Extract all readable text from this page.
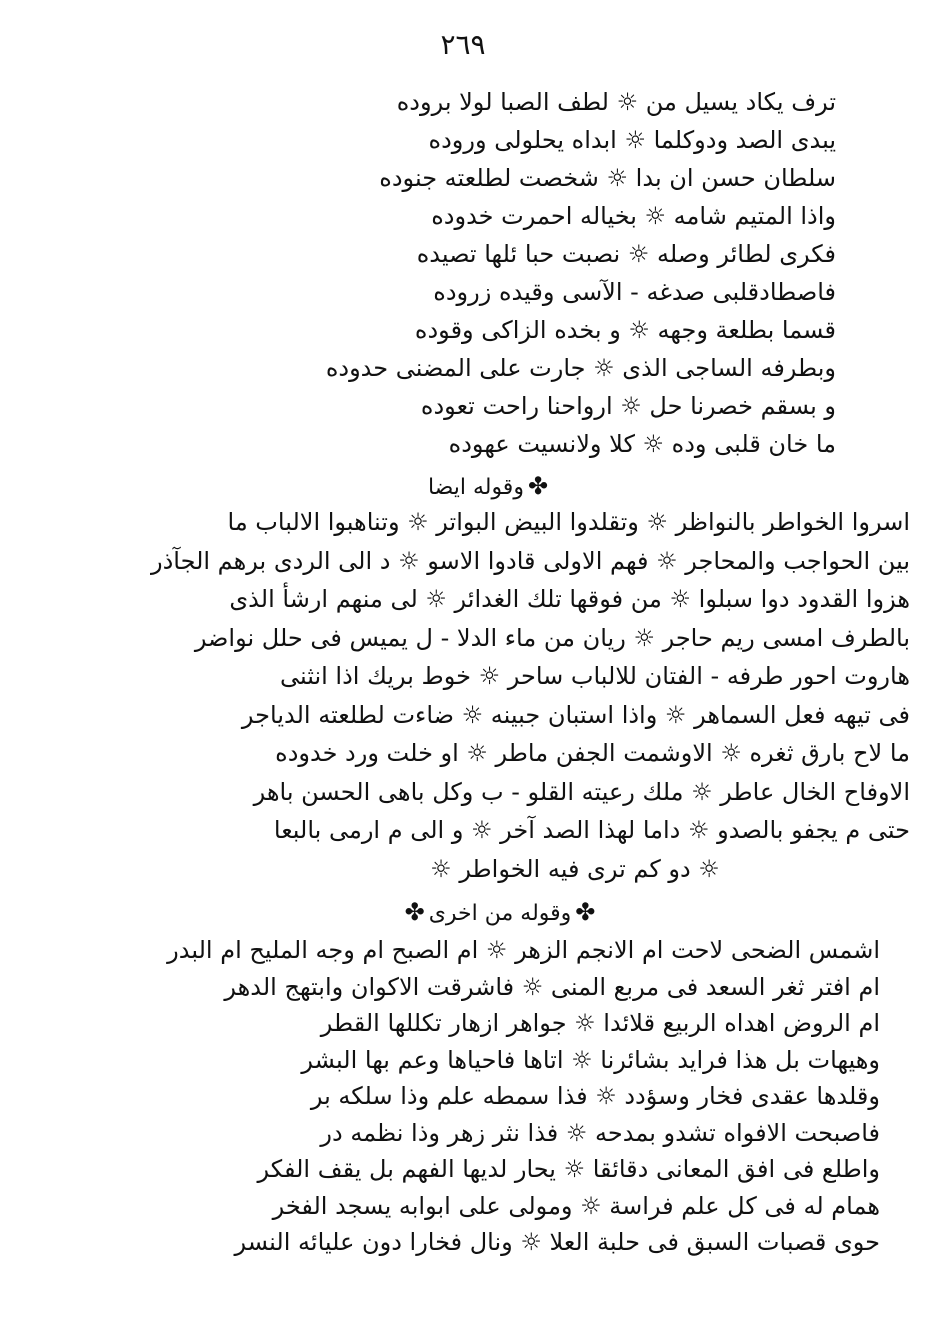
٢٦٩
ترف يكاد يسيل من ☼ لطف الصبا لولا بروده
يبدى الصد ودوكلما ☼ ابداه يحلولى وروده
سلطان حسن ان بدا ☼ شخصت لطلعته جنوده
واذا المتيم شامه ☼ بخياله احمرت خدوده
فكرى لطائر وصله ☼ نصبت حبا ئلها تصيده
فاصطادقلبى صدغه - الآسى وقيده زروده
قسما بطلعة وجهه ☼ و بخده الزاكى وقوده
وبطرفه الساجى الذى ☼ جارت على المضنى حدوده
و بسقم خصرنا حل ☼ ارواحنا راحت تعوده
ما خان قلبى وده ☼ كلا ولانسيت عهوده
✤وقوله ايضا
اسروا الخواطر بالنواظر ☼ وتقلدوا البيض البواتر ☼ وتناهبوا الالباب ما
بين الحواجب والمحاجر ☼ فهم الاولى قادوا الاسو ☼ د الى الردى برهم الجآذر
هزوا القدود دوا سبلوا ☼ من فوقها تلك الغدائر ☼ لى منهم ارشأ الذى
بالطرف امسى ريم حاجر ☼ ريان من ماء الدلا - ل يميس فى حلل نواضر
هاروت احور طرفه - الفتان للالباب ساحر ☼ خوط بريك اذا انثنى
فى تيهه فعل السماهر ☼ واذا استبان جبينه ☼ ضاءت لطلعته الدياجر
ما لاح بارق ثغره ☼ الاوشمت الجفن ماطر ☼ او خلت ورد خدوده
الاوفاح الخال عاطر ☼ ملك رعيته القلو - ب وكل باهى الحسن باهر
حتى م يجفو بالصدو ☼ داما لهذا الصد آخر ☼ و الى م ارمى بالبعا
☼ دو كم ترى فيه الخواطر ☼
✤وقوله من اخرى✤
اشمس الضحى لاحت ام الانجم الزهر ☼ ام الصبح ام وجه المليح ام البدر
ام افتر ثغر السعد فى مربع المنى ☼ فاشرقت الاكوان وابتهج الدهر
ام الروض اهداه الربيع قلائدا ☼ جواهر ازهار تكللها القطر
وهيهات بل هذا فرايد بشائرنا ☼ اتاها فاحياها وعم بها البشر
وقلدها عقدى فخار وسؤدد ☼ فذا سمطه علم وذا سلكه بر
فاصبحت الافواه تشدو بمدحه ☼ فذا نثر زهر وذا نظمه در
واطلع فى افق المعانى دقائقا ☼ يحار لديها الفهم بل يقف الفكر
همام له فى كل علم فراسة ☼ ومولى على ابوابه يسجد الفخر
حوى قصبات السبق فى حلبة العلا ☼ ونال فخارا دون عليائه النسر
